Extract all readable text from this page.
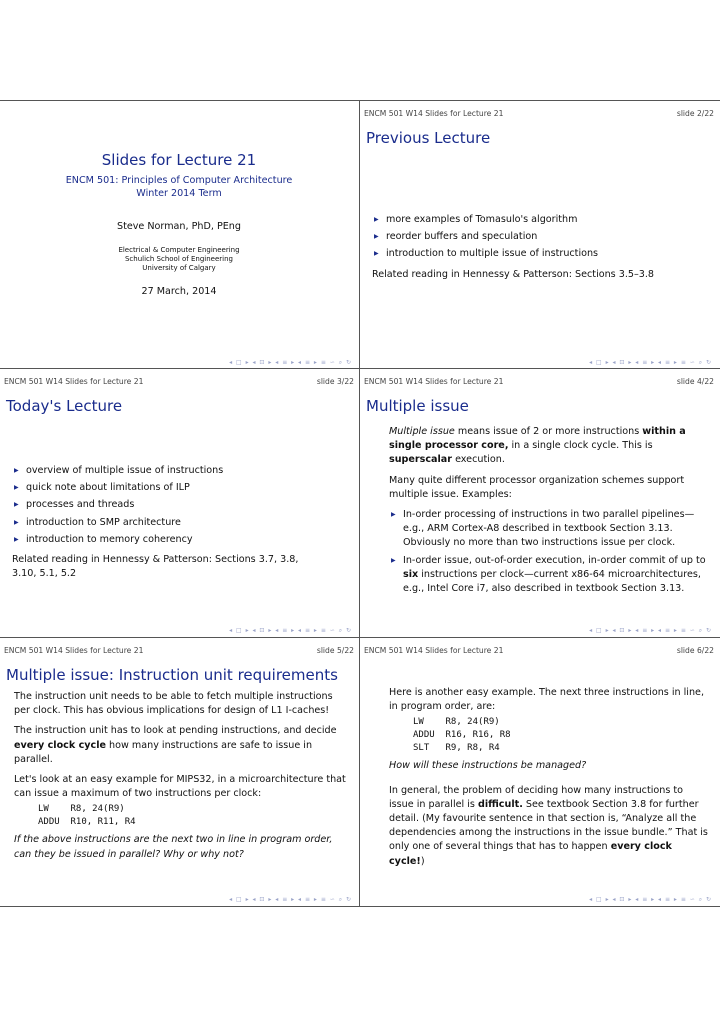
Slides for Lecture 21
ENCM 501: Principles of Computer Architecture
Winter 2014 Term
Steve Norman, PhD, PEng
Electrical & Computer Engineering
Schulich School of Engineering
University of Calgary
27 March, 2014
◂ □ ▸ ◂ ⊡ ▸ ◂ ≡ ▸ ◂ ≡ ▸ ≡ ∽ ⌕ ↻
ENCM 501 W14 Slides for Lecture 21	slide 2/22
Previous Lecture
▶ more examples of Tomasulo's algorithm
▶ reorder buffers and speculation
▶ introduction to multiple issue of instructions

Related reading in Hennessy & Patterson: Sections 3.5–3.8

◂ □ ▸ ◂ ⊡ ▸ ◂ ≡ ▸ ◂ ≡ ▸ ≡ ∽ ⌕ ↻
ENCM 501 W14 Slides for Lecture 21	slide 3/22
Today's Lecture
▶ overview of multiple issue of instructions
▶ quick note about limitations of ILP
▶ processes and threads
▶ introduction to SMP architecture
▶ introduction to memory coherency

Related reading in Hennessy & Patterson: Sections 3.7, 3.8, 3.10, 5.1, 5.2

◂ □ ▸ ◂ ⊡ ▸ ◂ ≡ ▸ ◂ ≡ ▸ ≡ ∽ ⌕ ↻
ENCM 501 W14 Slides for Lecture 21	slide 4/22
Multiple issue

Multiple issue means issue of 2 or more instructions within a single processor core, in a single clock cycle. This is superscalar execution.

Many quite different processor organization schemes support multiple issue. Examples:

▶ In-order processing of instructions in two parallel pipelines—e.g., ARM Cortex-A8 described in textbook Section 3.13. Obviously no more than two instructions issue per clock.
▶ In-order issue, out-of-order execution, in-order commit of up to six instructions per clock—current x86-64 microarchitectures, e.g., Intel Core i7, also described in textbook Section 3.13.
◂ □ ▸ ◂ ⊡ ▸ ◂ ≡ ▸ ◂ ≡ ▸ ≡ ∽ ⌕ ↻
ENCM 501 W14 Slides for Lecture 21	slide 5/22
Multiple issue: Instruction unit requirements

The instruction unit needs to be able to fetch multiple instructions per clock. This has obvious implications for design of L1 I-caches!

The instruction unit has to look at pending instructions, and decide every clock cycle how many instructions are safe to issue in parallel.

Let's look at an easy example for MIPS32, in a microarchitecture that can issue a maximum of two instructions per clock:

LW    R8, 24(R9)
ADDU  R10, R11, R4

If the above instructions are the next two in line in program order, can they be issued in parallel? Why or why not?

◂ □ ▸ ◂ ⊡ ▸ ◂ ≡ ▸ ◂ ≡ ▸ ≡ ∽ ⌕ ↻
ENCM 501 W14 Slides for Lecture 21	slide 6/22

Here is another easy example. The next three instructions in line, in program order, are:

LW    R8, 24(R9)
ADDU  R16, R16, R8
SLT   R9, R8, R4

How will these instructions be managed?

In general, the problem of deciding how many instructions to issue in parallel is difficult. See textbook Section 3.8 for further detail. (My favourite sentence in that section is, “Analyze all the dependencies among the instructions in the issue bundle.” That is only one of several things that has to happen every clock cycle!)

◂ □ ▸ ◂ ⊡ ▸ ◂ ≡ ▸ ◂ ≡ ▸ ≡ ∽ ⌕ ↻
